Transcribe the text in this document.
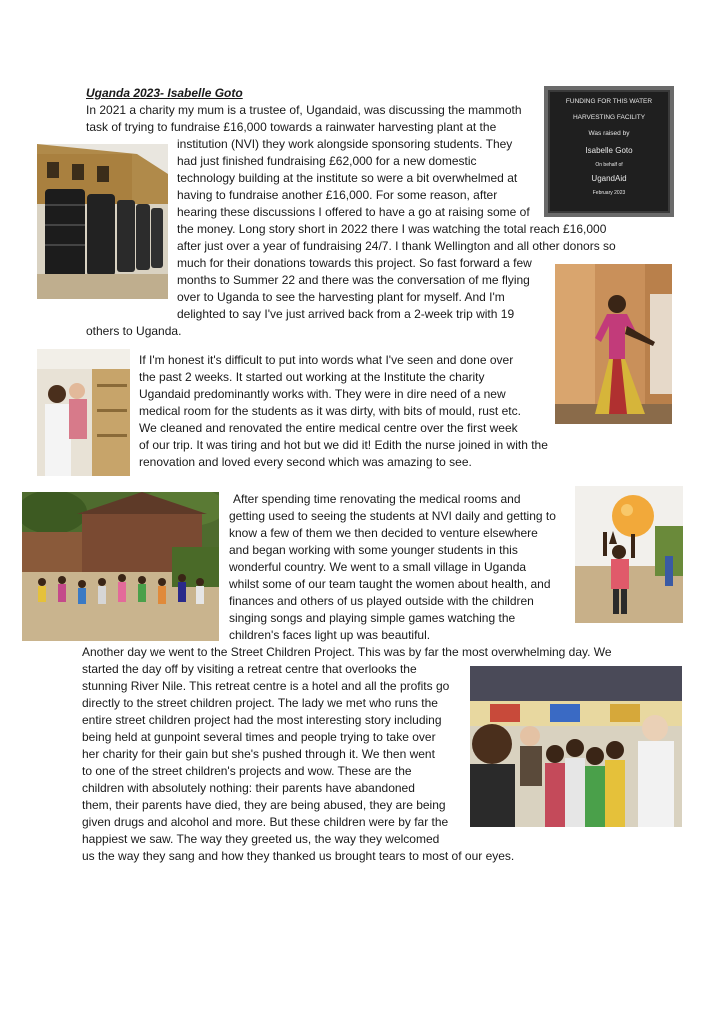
FUNDING FOR THIS WATER
HARVESTING FACILITY
Was raised by
Isabelle Goto
On behalf of
UgandAid
February 2023
Uganda 2023- Isabelle Goto
In 2021 a charity my mum is a trustee of, Ugandaid, was discussing the mammoth
task of trying to fundraise £16,000 towards a rainwater harvesting plant at the
institution (NVI) they work alongside sponsoring students. They
had just finished fundraising £62,000 for a new domestic
technology building at the institute so were a bit overwhelmed at
having to fundraise another £16,000. For some reason, after
hearing these discussions I offered to have a go at raising some of
the money. Long story short in 2022 there I was watching the total reach £16,000
after just over a year of fundraising 24/7. I thank Wellington and all other donors so
much for their donations towards this project. So fast forward a few
months to Summer 22 and there was the conversation of me flying
over to Uganda to see the harvesting plant for myself. And I'm
delighted to say I've just arrived back from a 2-week trip with 19
others to Uganda.
If I'm honest it's difficult to put into words what I've seen and done over
the past 2 weeks. It started out working at the Institute the charity
Ugandaid predominantly works with. They were in dire need of a new
medical room for the students as it was dirty, with bits of mould, rust etc.
We cleaned and renovated the entire medical centre over the first week
of our trip. It was tiring and hot but we did it! Edith the nurse joined in with the
renovation and loved every second which was amazing to see.
After spending time renovating the medical rooms and
getting used to seeing the students at NVI daily and getting to
know a few of them we then decided to venture elsewhere
and began working with some younger students in this
wonderful country. We went to a small village in Uganda
whilst some of our team taught the women about health, and
finances and others of us played outside with the children
singing songs and playing simple games watching the
children's faces light up was beautiful.
Another day we went to the Street Children Project. This was by far the most overwhelming day. We
started the day off by visiting a retreat centre that overlooks the
stunning River Nile. This retreat centre is a hotel and all the profits go
directly to the street children project. The lady we met who runs the
entire street children project had the most interesting story including
being held at gunpoint several times and people trying to take over
her charity for their gain but she's pushed through it. We then went
to one of the street children's projects and wow. These are the
children with absolutely nothing: their parents have abandoned
them, their parents have died, they are being abused, they are being
given drugs and alcohol and more. But these children were by far the
happiest we saw. The way they greeted us, the way they welcomed
us the way they sang and how they thanked us brought tears to most of our eyes.
